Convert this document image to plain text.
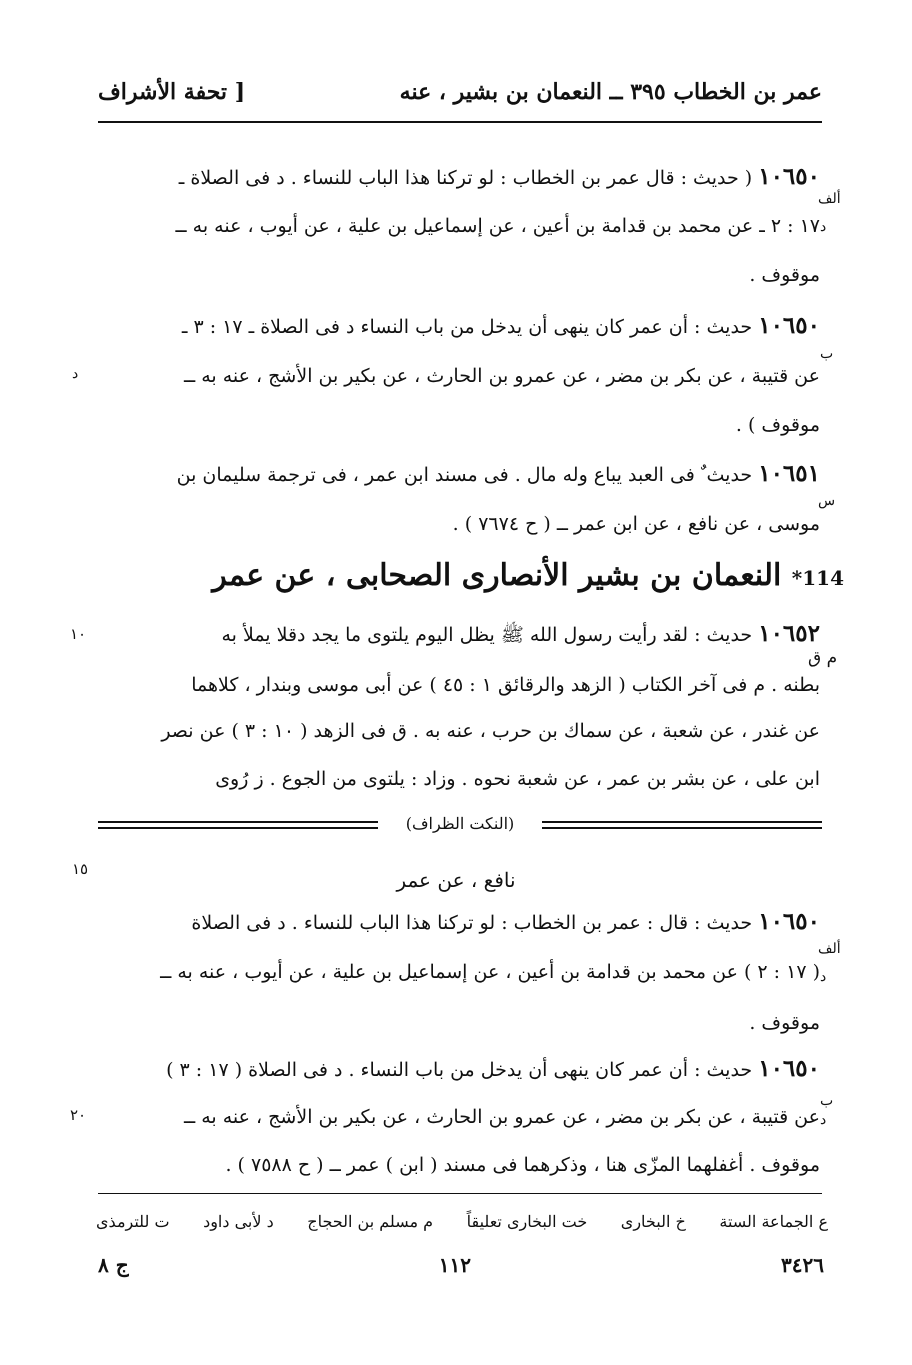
عمر بن الخطاب ٣٩٥ ــ النعمان بن بشير ، عنه
[ تحفة الأشراف
١٠٦٥٠ ( حديث : قال عمر بن الخطاب : لو تركنا هذا الباب للنساء . د فى الصلاة ـ
١٧ : ٢ ـ عن محمد بن قدامة بن أعين ، عن إسماعيل بن علية ، عن أيوب ، عنه به ــ
موقوف .
١٠٦٥٠ حديث : أن عمر كان ينهى أن يدخل من باب النساء د فى الصلاة ـ ١٧ : ٣ ـ
عن قتيبة ، عن بكر بن مضر ، عن عمرو بن الحارث ، عن بكير بن الأشج ، عنه به ــ
موقوف ) .
١٠٦٥١ حديث ٌ فى العبد يباع وله مال . فى مسند ابن عمر ، فى ترجمة سليمان بن
موسى ، عن نافع ، عن ابن عمر ــ ( ح ٧٦٧٤ ) .
114* النعمان بن بشير الأنصارى الصحابى ، عن عمر
١٠٦٥٢ حديث : لقد رأيت رسول الله ﷺ يظل اليوم يلتوى ما يجد دقلا يملأ به
بطنه . م فى آخر الكتاب ( الزهد والرقائق ١ : ٤٥ ) عن أبى موسى وبندار ، كلاهما
عن غندر ، عن شعبة ، عن سماك بن حرب ، عنه به . ق فى الزهد ( ١٠ : ٣ ) عن نصر
ابن على ، عن بشر بن عمر ، عن شعبة نحوه . وزاد : يلتوى من الجوع . ز رُوى
(النكت الظراف)
نافع ، عن عمر
١٠٦٥٠ حديث : قال : عمر بن الخطاب : لو تركنا هذا الباب للنساء . د فى الصلاة
( ١٧ : ٢ ) عن محمد بن قدامة بن أعين ، عن إسماعيل بن علية ، عن أيوب ، عنه به ــ
موقوف .
١٠٦٥٠ حديث : أن عمر كان ينهى أن يدخل من باب النساء . د فى الصلاة ( ١٧ : ٣ )
عن قتيبة ، عن بكر بن مضر ، عن عمرو بن الحارث ، عن بكير بن الأشج ، عنه به ــ
موقوف . أغفلهما المزّى هنا ، وذكرهما فى مسند ( ابن ) عمر ــ ( ح ٧٥٨٨ ) .
ألف
د
ب
د
س
م ق
ألف
د
ب
د
١٠
١٥
٢٠
ع الجماعة الستة
خ البخارى
خت البخارى تعليقاً
م مسلم بن الحجاج
د لأبى داود
ت للترمذى
٣٤٢٦
١١٢
ج ٨
